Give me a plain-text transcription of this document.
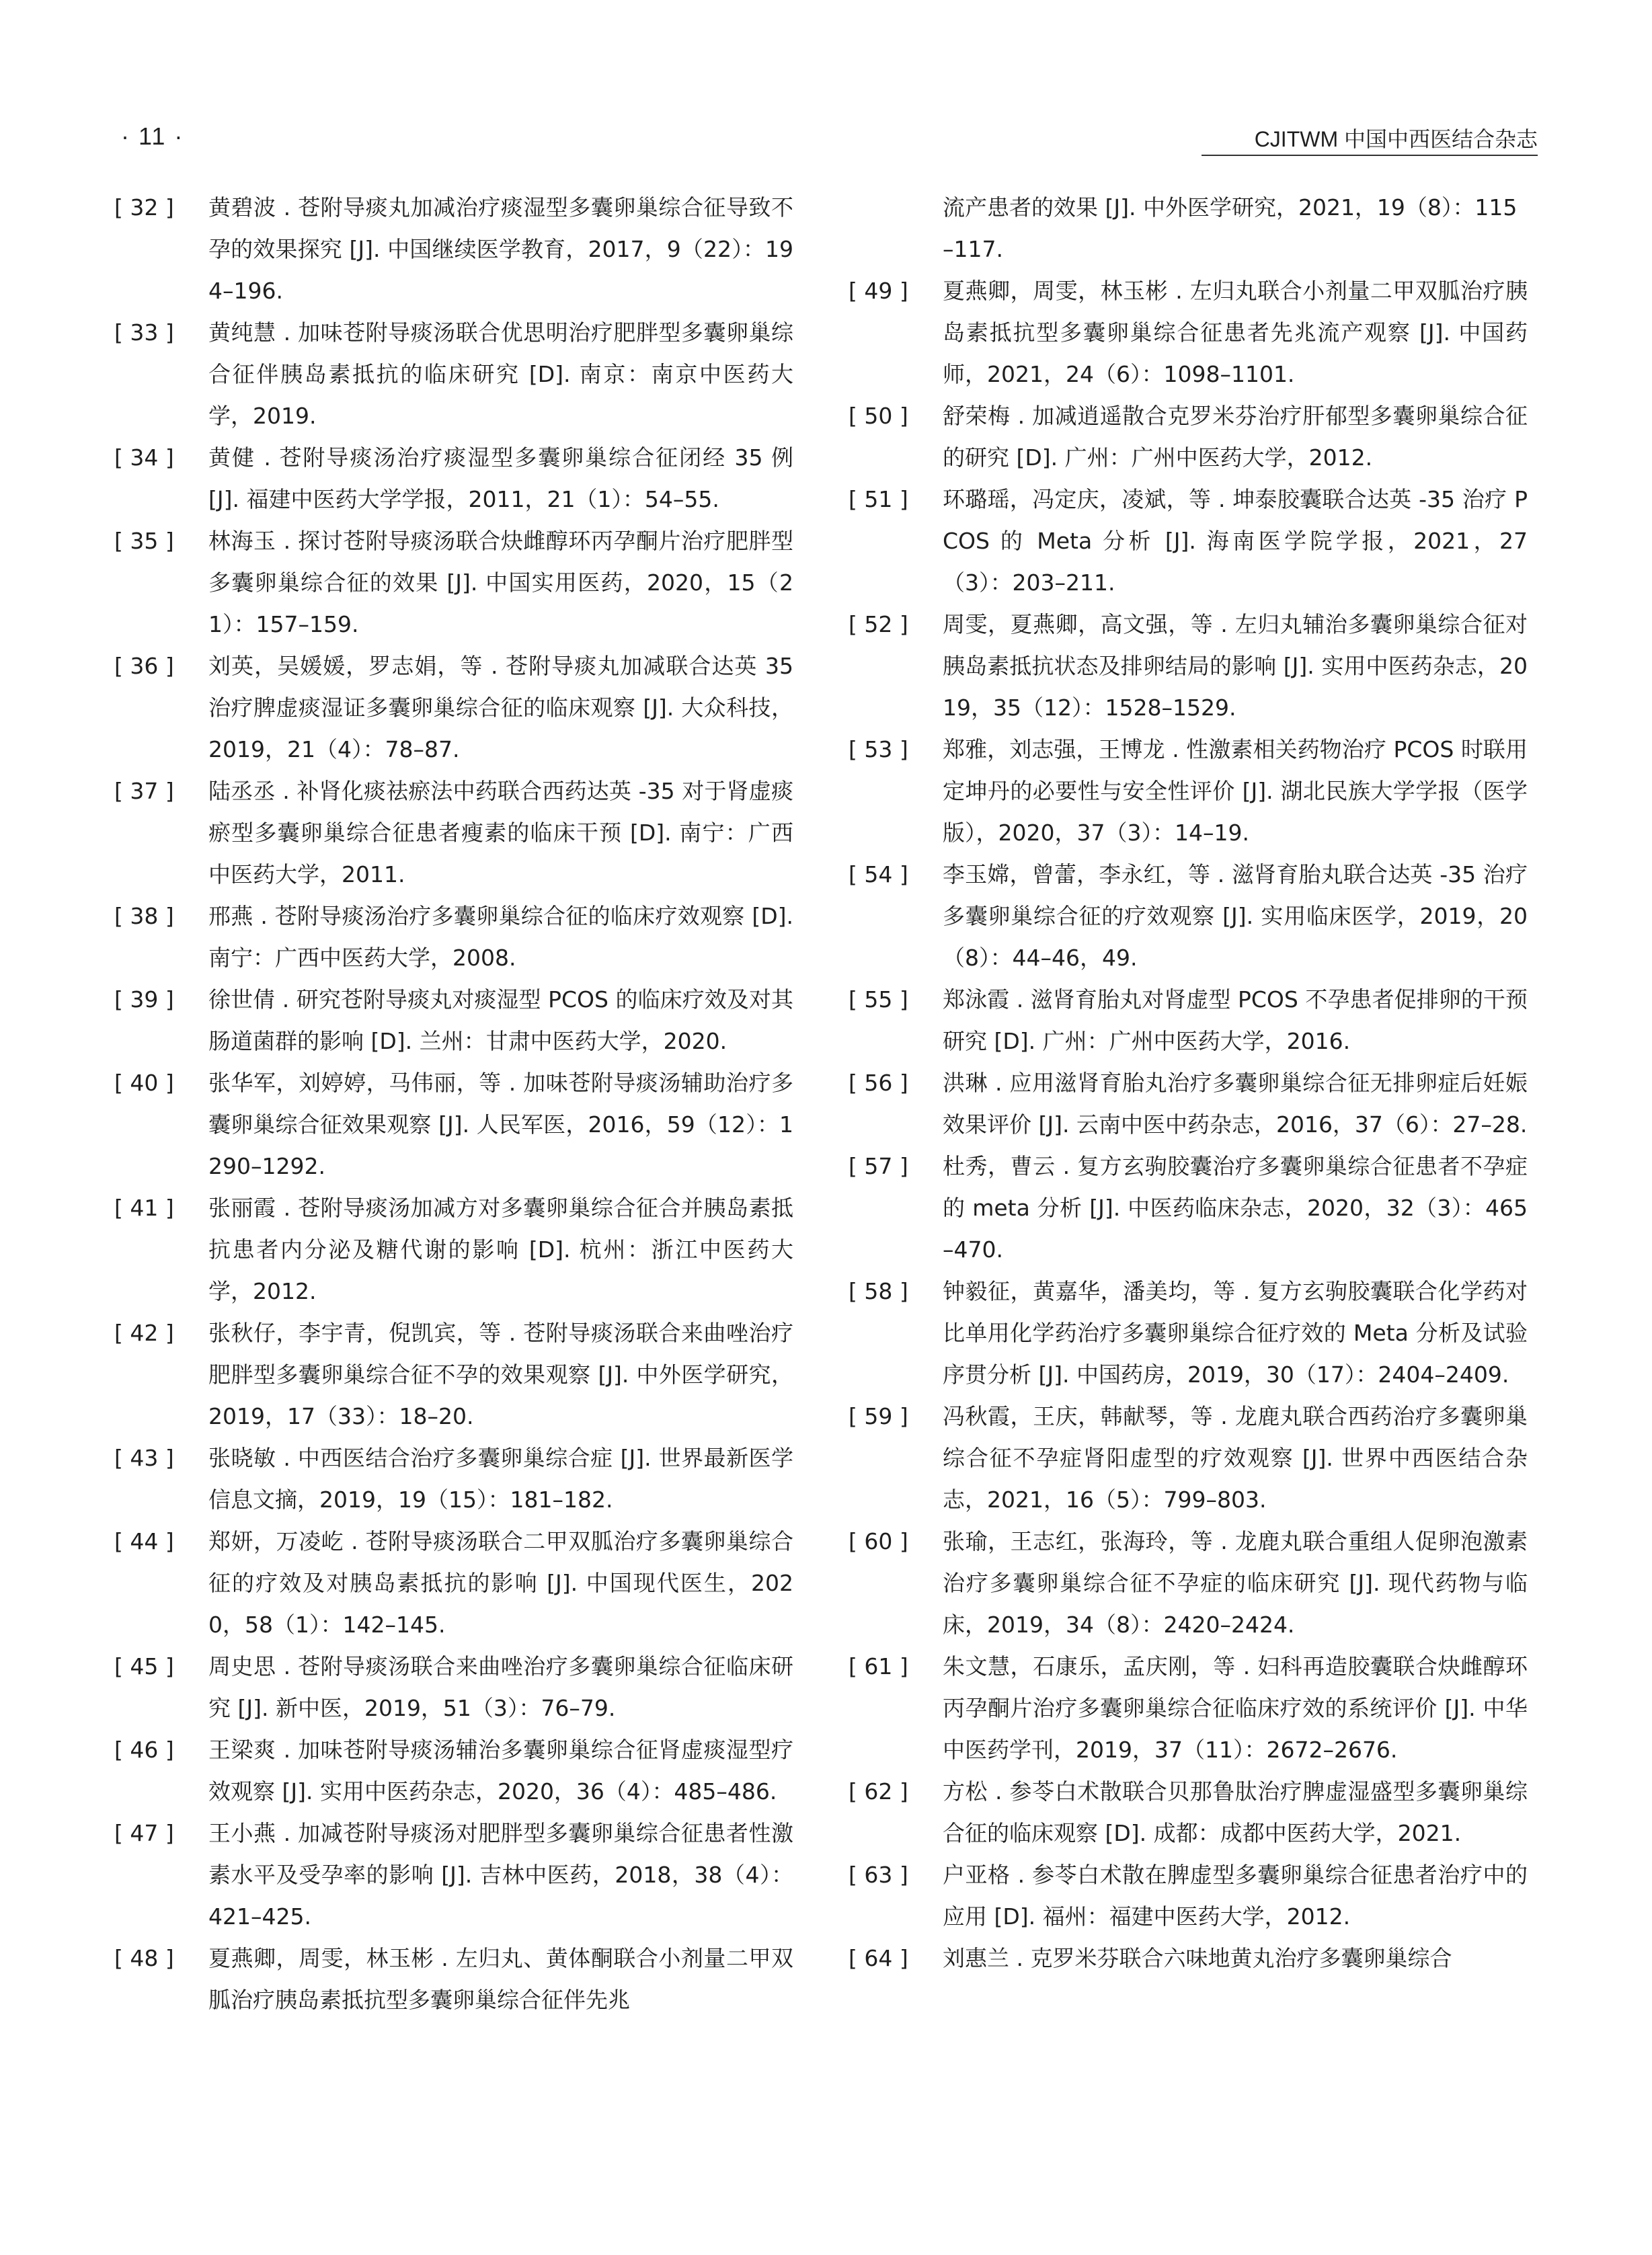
· 11 ·	CJITWM 中国中西医结合杂志
[ 32 ]	黄碧波 . 苍附导痰丸加减治疗痰湿型多囊卵巢综合征导致不孕的效果探究 [J]. 中国继续医学教育，2017，9（22）：194–196.
[ 33 ]	黄纯慧 . 加味苍附导痰汤联合优思明治疗肥胖型多囊卵巢综合征伴胰岛素抵抗的临床研究 [D]. 南京：南京中医药大学，2019.
[ 34 ]	黄健 . 苍附导痰汤治疗痰湿型多囊卵巢综合征闭经 35 例 [J]. 福建中医药大学学报，2011，21（1）：54–55.
[ 35 ]	林海玉 . 探讨苍附导痰汤联合炔雌醇环丙孕酮片治疗肥胖型多囊卵巢综合征的效果 [J]. 中国实用医药，2020，15（21）：157–159.
[ 36 ]	刘英，吴媛媛，罗志娟，等 . 苍附导痰丸加减联合达英 35 治疗脾虚痰湿证多囊卵巢综合征的临床观察 [J]. 大众科技，2019，21（4）：78–87.
[ 37 ]	陆丞丞 . 补肾化痰祛瘀法中药联合西药达英 -35 对于肾虚痰瘀型多囊卵巢综合征患者瘦素的临床干预 [D]. 南宁：广西中医药大学，2011.
[ 38 ]	邢燕 . 苍附导痰汤治疗多囊卵巢综合征的临床疗效观察 [D]. 南宁：广西中医药大学，2008.
[ 39 ]	徐世倩 . 研究苍附导痰丸对痰湿型 PCOS 的临床疗效及对其肠道菌群的影响 [D]. 兰州：甘肃中医药大学，2020.
[ 40 ]	张华军，刘婷婷，马伟丽，等 . 加味苍附导痰汤辅助治疗多囊卵巢综合征效果观察 [J]. 人民军医，2016，59（12）：1290–1292.
[ 41 ]	张丽霞 . 苍附导痰汤加减方对多囊卵巢综合征合并胰岛素抵抗患者内分泌及糖代谢的影响 [D]. 杭州：浙江中医药大学，2012.
[ 42 ]	张秋仔，李宇青，倪凯宾，等 . 苍附导痰汤联合来曲唑治疗肥胖型多囊卵巢综合征不孕的效果观察 [J]. 中外医学研究，2019，17（33）：18–20.
[ 43 ]	张晓敏 . 中西医结合治疗多囊卵巢综合症 [J]. 世界最新医学信息文摘，2019，19（15）：181–182.
[ 44 ]	郑妍，万凌屹 . 苍附导痰汤联合二甲双胍治疗多囊卵巢综合征的疗效及对胰岛素抵抗的影响 [J]. 中国现代医生，2020，58（1）：142–145.
[ 45 ]	周史思 . 苍附导痰汤联合来曲唑治疗多囊卵巢综合征临床研究 [J]. 新中医，2019，51（3）：76–79.
[ 46 ]	王梁爽 . 加味苍附导痰汤辅治多囊卵巢综合征肾虚痰湿型疗效观察 [J]. 实用中医药杂志，2020，36（4）：485–486.
[ 47 ]	王小燕 . 加减苍附导痰汤对肥胖型多囊卵巢综合征患者性激素水平及受孕率的影响 [J]. 吉林中医药，2018，38（4）：421–425.
[ 48 ]	夏燕卿，周雯，林玉彬 . 左归丸、黄体酮联合小剂量二甲双胍治疗胰岛素抵抗型多囊卵巢综合征伴先兆
流产患者的效果 [J]. 中外医学研究，2021，19（8）：115–117.
[ 49 ]	夏燕卿，周雯，林玉彬 . 左归丸联合小剂量二甲双胍治疗胰岛素抵抗型多囊卵巢综合征患者先兆流产观察 [J]. 中国药师，2021，24（6）：1098–1101.
[ 50 ]	舒荣梅 . 加减逍遥散合克罗米芬治疗肝郁型多囊卵巢综合征的研究 [D]. 广州：广州中医药大学，2012.
[ 51 ]	环璐瑶，冯定庆，凌斌，等 . 坤泰胶囊联合达英 -35 治疗 PCOS 的 Meta 分析 [J]. 海南医学院学报，2021，27（3）：203–211.
[ 52 ]	周雯，夏燕卿，高文强，等 . 左归丸辅治多囊卵巢综合征对胰岛素抵抗状态及排卵结局的影响 [J]. 实用中医药杂志，2019，35（12）：1528–1529.
[ 53 ]	郑雅，刘志强，王博龙 . 性激素相关药物治疗 PCOS 时联用定坤丹的必要性与安全性评价 [J]. 湖北民族大学学报（医学版），2020，37（3）：14–19.
[ 54 ]	李玉嫦，曾蕾，李永红，等 . 滋肾育胎丸联合达英 -35 治疗多囊卵巢综合征的疗效观察 [J]. 实用临床医学，2019，20（8）：44–46，49.
[ 55 ]	郑泳霞 . 滋肾育胎丸对肾虚型 PCOS 不孕患者促排卵的干预研究 [D]. 广州：广州中医药大学，2016.
[ 56 ]	洪琳 . 应用滋肾育胎丸治疗多囊卵巢综合征无排卵症后妊娠效果评价 [J]. 云南中医中药杂志，2016，37（6）：27–28.
[ 57 ]	杜秀，曹云 . 复方玄驹胶囊治疗多囊卵巢综合征患者不孕症的 meta 分析 [J]. 中医药临床杂志，2020，32（3）：465–470.
[ 58 ]	钟毅征，黄嘉华，潘美均，等 . 复方玄驹胶囊联合化学药对比单用化学药治疗多囊卵巢综合征疗效的 Meta 分析及试验序贯分析 [J]. 中国药房，2019，30（17）：2404–2409.
[ 59 ]	冯秋霞，王庆，韩献琴，等 . 龙鹿丸联合西药治疗多囊卵巢综合征不孕症肾阳虚型的疗效观察 [J]. 世界中西医结合杂志，2021，16（5）：799–803.
[ 60 ]	张瑜，王志红，张海玲，等 . 龙鹿丸联合重组人促卵泡激素治疗多囊卵巢综合征不孕症的临床研究 [J]. 现代药物与临床，2019，34（8）：2420–2424.
[ 61 ]	朱文慧，石康乐，孟庆刚，等 . 妇科再造胶囊联合炔雌醇环丙孕酮片治疗多囊卵巢综合征临床疗效的系统评价 [J]. 中华中医药学刊，2019，37（11）：2672–2676.
[ 62 ]	方松 . 参苓白术散联合贝那鲁肽治疗脾虚湿盛型多囊卵巢综合征的临床观察 [D]. 成都：成都中医药大学，2021.
[ 63 ]	户亚格 . 参苓白术散在脾虚型多囊卵巢综合征患者治疗中的应用 [D]. 福州：福建中医药大学，2012.
[ 64 ]	刘惠兰 . 克罗米芬联合六味地黄丸治疗多囊卵巢综合
